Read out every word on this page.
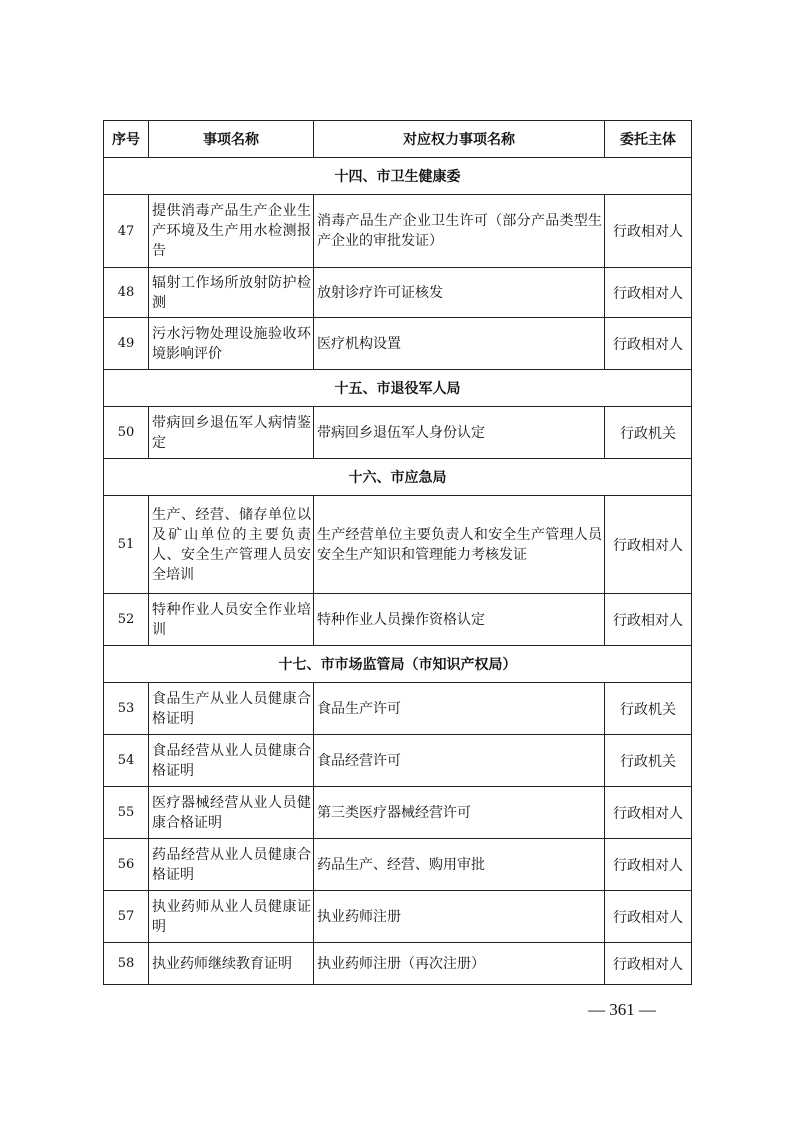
序号	事项名称	对应权力事项名称	委托主体
十四、市卫生健康委			
47	提供消毒产品生产企业生产环境及生产用水检测报告	消毒产品生产企业卫生许可（部分产品类型生产企业的审批发证）	行政相对人
48	辐射工作场所放射防护检测	放射诊疗许可证核发	行政相对人
49	污水污物处理设施验收环境影响评价	医疗机构设置	行政相对人
十五、市退役军人局			
50	带病回乡退伍军人病情鉴定	带病回乡退伍军人身份认定	行政机关
十六、市应急局			
51	生产、经营、储存单位以及矿山单位的主要负责人、安全生产管理人员安全培训	生产经营单位主要负责人和安全生产管理人员安全生产知识和管理能力考核发证	行政相对人
52	特种作业人员安全作业培训	特种作业人员操作资格认定	行政相对人
十七、市市场监管局（市知识产权局）			
53	食品生产从业人员健康合格证明	食品生产许可	行政机关
54	食品经营从业人员健康合格证明	食品经营许可	行政机关
55	医疗器械经营从业人员健康合格证明	第三类医疗器械经营许可	行政相对人
56	药品经营从业人员健康合格证明	药品生产、经营、购用审批	行政相对人
57	执业药师从业人员健康证明	执业药师注册	行政相对人
58	执业药师继续教育证明	执业药师注册（再次注册）	行政相对人
— 361 —
